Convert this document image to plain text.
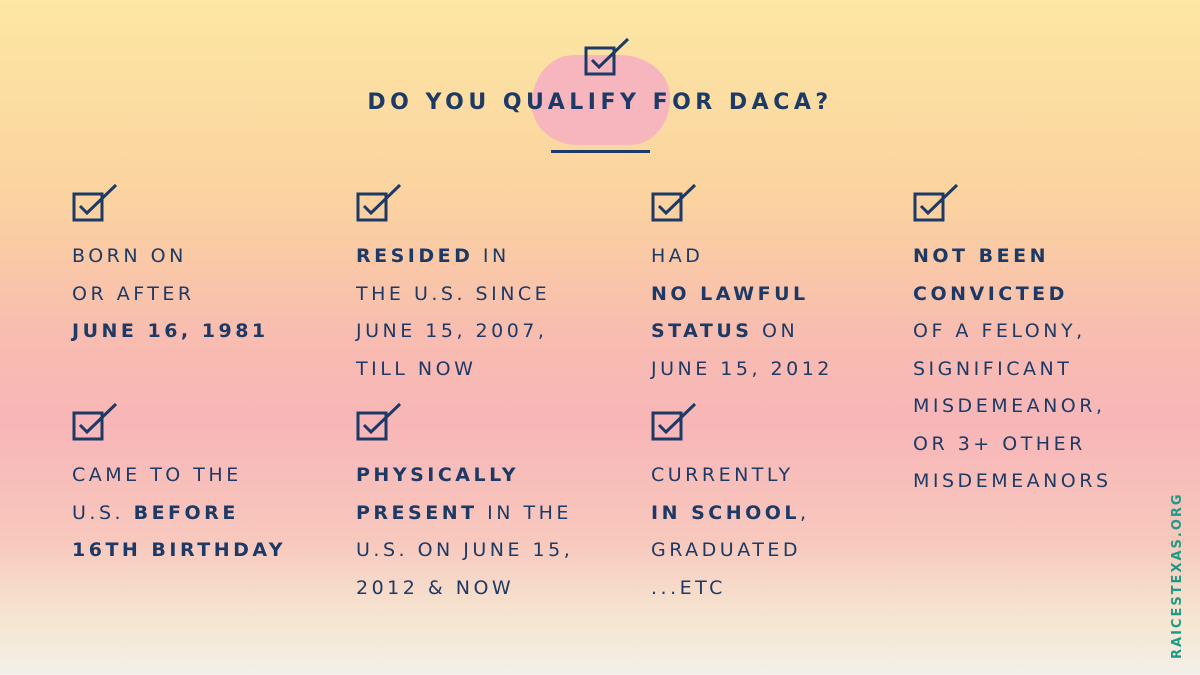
DO YOU QUALIFY FOR DACA?
BORN ON
OR AFTER
JUNE 16, 1981
RESIDED IN
THE U.S. SINCE
JUNE 15, 2007,
TILL NOW
HAD
NO LAWFUL
STATUS ON
JUNE 15, 2012
NOT BEEN
CONVICTED
OF A FELONY,
SIGNIFICANT
MISDEMEANOR,
OR 3+ OTHER
MISDEMEANORS
CAME TO THE
U.S. BEFORE
16TH BIRTHDAY
PHYSICALLY
PRESENT IN THE
U.S. ON JUNE 15,
2012 & NOW
CURRENTLY
IN SCHOOL,
GRADUATED
...ETC	RAICESTEXAS.ORG
